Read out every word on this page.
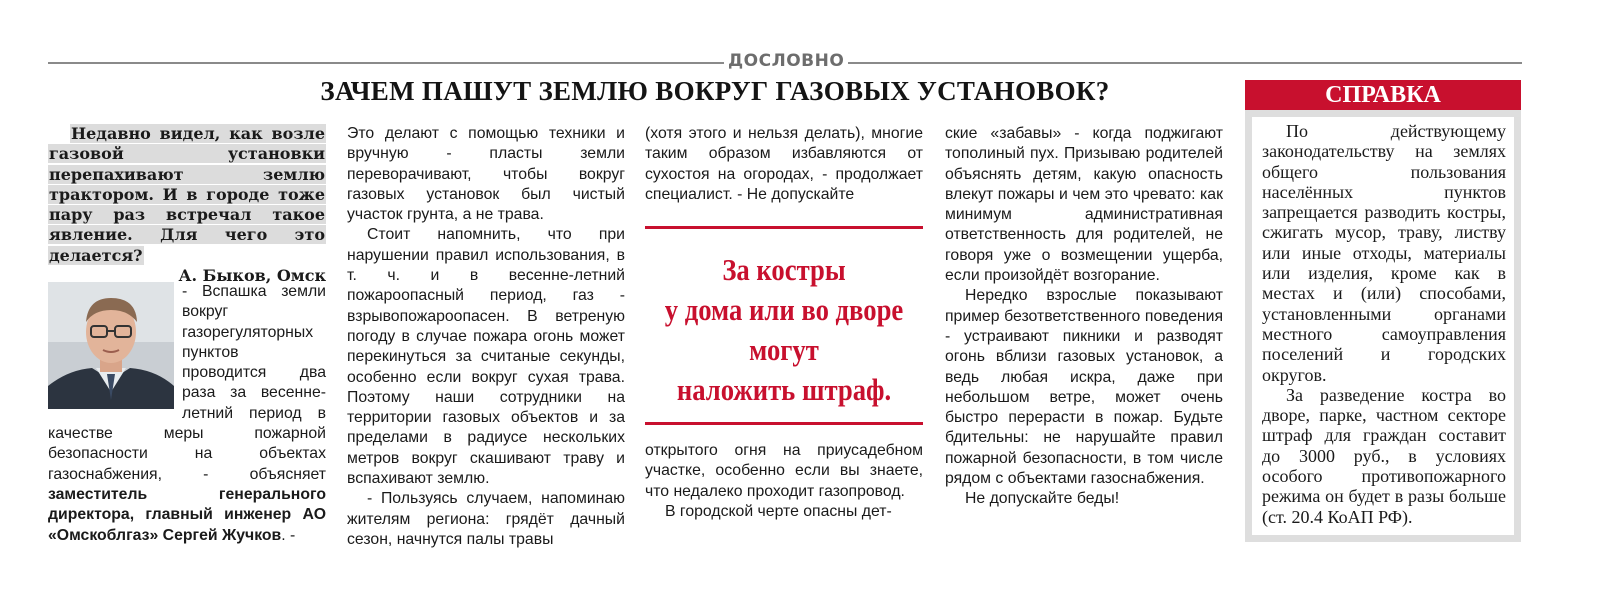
ДОСЛОВНО
ЗАЧЕМ ПАШУТ ЗЕМЛЮ ВОКРУГ ГАЗОВЫХ УСТАНОВОК?

Недавно видел, как возле газовой установки перепахивают землю трактором. И в городе тоже пару раз встречал такое явление. Для чего это делается?

А. Быков, Омск

- Вспашка земли вокруг газорегуляторных пунктов проводится два раза за весенне-летний период в качестве меры пожарной безопасности на объектах газоснабжения, - объясняет заместитель генерального директора, главный инженер АО «Омскоблгаз» Сергей Жучков. -

Это делают с помощью техники и вручную - пласты земли переворачивают, чтобы вокруг газовых установок был чистый участок грунта, а не трава.

Стоит напомнить, что при нарушении правил использования, в т. ч. и в весенне-летний пожароопасный период, газ - взрывопожароопасен. В ветреную погоду в случае пожара огонь может перекинуться за считаные секунды, особенно если вокруг сухая трава. Поэтому наши сотрудники на территории газовых объектов и за пределами в радиусе нескольких метров вокруг скашивают траву и вспахивают землю.

- Пользуясь случаем, напоминаю жителям региона: грядёт дачный сезон, начнутся палы травы

(хотя этого и нельзя делать), многие таким образом избавляются от сухостоя на огородах, - продолжает специалист. - Не допускайте

За костры
у дома или во дворе
могут
наложить штраф.

открытого огня на приусадебном участке, особенно если вы знаете, что недалеко проходит газопровод.

В городской черте опасны дет-

ские «забавы» - когда поджигают тополиный пух. Призываю родителей объяснять детям, какую опасность влекут пожары и чем это чревато: как минимум административная ответственность для родителей, не говоря уже о возмещении ущерба, если произойдёт возгорание.

Нередко взрослые показывают пример безответственного поведения - устраивают пикники и разводят огонь вблизи газовых установок, а ведь любая искра, даже при небольшом ветре, может очень быстро перерасти в пожар. Будьте бдительны: не нарушайте правил пожарной безопасности, в том числе рядом с объектами газоснабжения.

Не допускайте беды!

СПРАВКА

По действующему законодательству на землях общего пользования населённых пунктов запрещается разводить костры, сжигать мусор, траву, листву или иные отходы, материалы или изделия, кроме как в местах и (или) способами, установленными органами местного самоуправления поселений и городских округов.

За разведение костра во дворе, парке, частном секторе штраф для граждан составит до 3000 руб., в условиях особого противопожарного режима он будет в разы больше (ст. 20.4 КоАП РФ).
